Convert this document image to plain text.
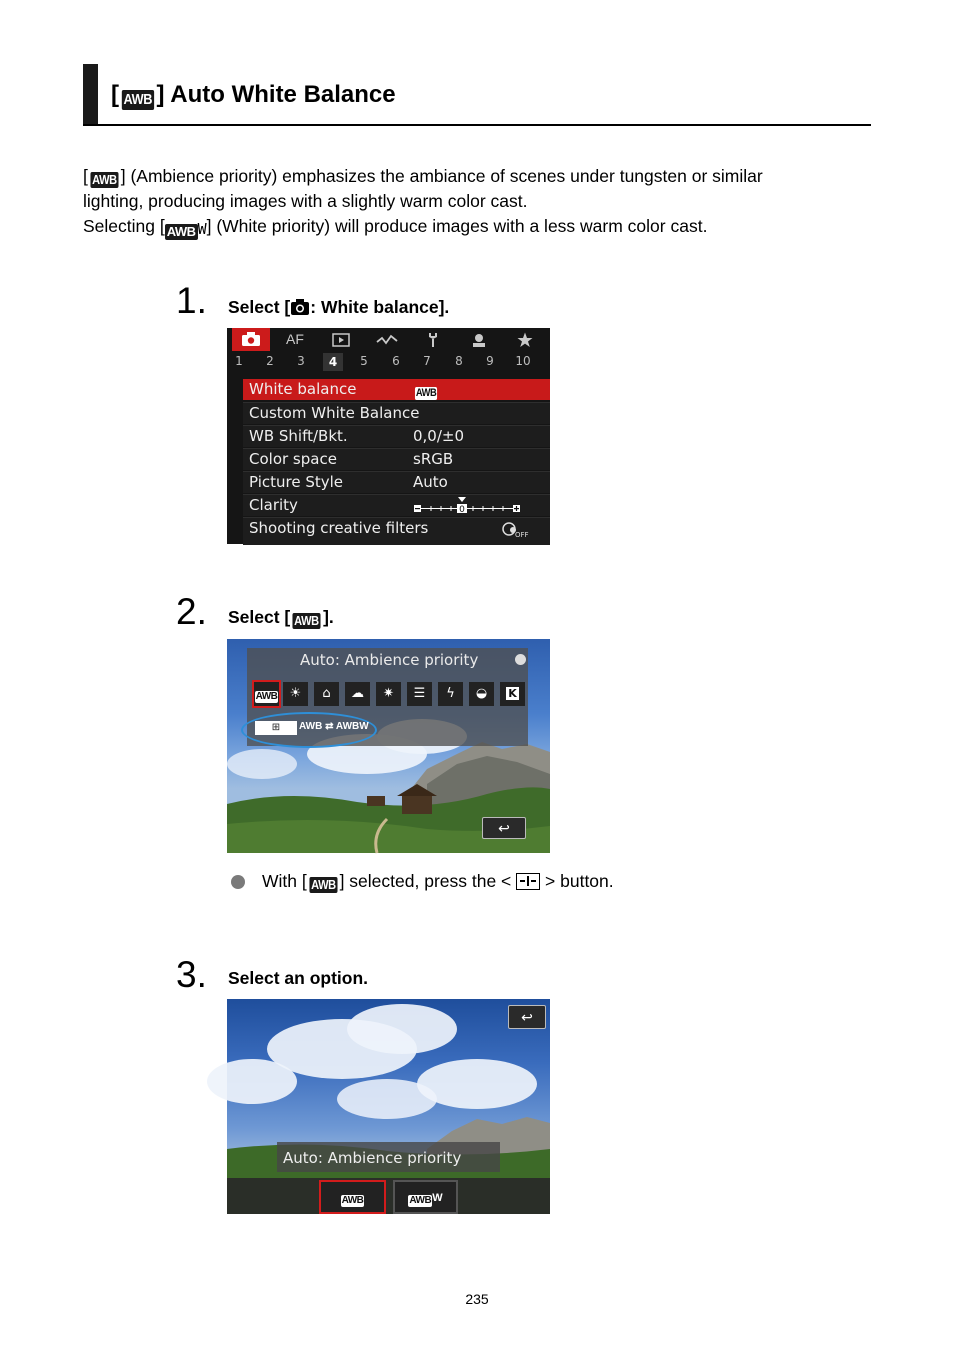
[ AWB ] Auto White Balance
[ AWB ] (Ambience priority) emphasizes the ambiance of scenes under tungsten or similar
lighting, producing images with a slightly warm color cast.
Selecting [ AWB W] (White priority) will produce images with a less warm color cast.
1. Select [ : White balance].
AF
1 2 3	4	5 6 7 8 9 10
White balance	AWB
Custom White Balance
WB Shift/Bkt.	0,0/±0
Color space	sRGB
Picture Style	Auto
Clarity	0
Shooting creative filters	OFF
2. Select [ AWB ].
Auto: Ambience priority
AWB ☀	⌂	☁	✷	☰	ϟ	◒	K
⊞	AWB ⇄ AWBW
↩
With [ AWB ] selected, press the < > button.
3. Select an option.
↩
Auto: Ambience priority
AWB	AWBW
235
